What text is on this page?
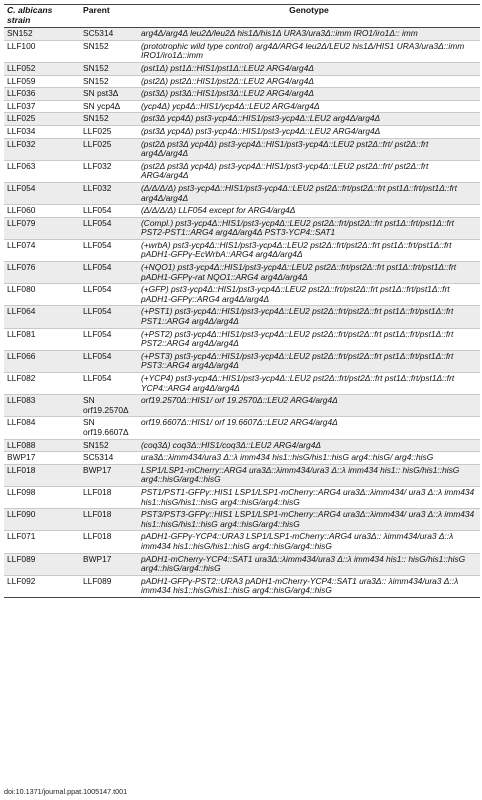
C. albicans strain	Parent	Genotype
SN152	SC5314	arg4Δ/arg4Δ leu2Δ/leu2Δ his1Δ/his1Δ URA3/ura3Δ::imm IRO1/iro1Δ:: imm
LLF100	SN152	(prototrophic wild type control) arg4Δ/ARG4 leu2Δ/LEU2 his1Δ/HIS1 URA3/ura3Δ::imm IRO1/iro1Δ::imm
LLF052	SN152	(pst1Δ) pst1Δ::HIS1/pst1Δ::LEU2 ARG4/arg4Δ
LLF059	SN152	(pst2Δ) pst2Δ::HIS1/pst2Δ::LEU2 ARG4/arg4Δ
LLF036	SN pst3Δ	(pst3Δ) pst3Δ::HIS1/pst3Δ::LEU2 ARG4/arg4Δ
LLF037	SN ycp4Δ	(ycp4Δ) ycp4Δ::HIS1/ycp4Δ::LEU2 ARG4/arg4Δ
LLF025	SN152	(pst3Δ ycp4Δ) pst3-ycp4Δ::HIS1/pst3-ycp4Δ::LEU2 arg4Δ/arg4Δ
LLF034	LLF025	(pst3Δ ycp4Δ) pst3-ycp4Δ::HIS1/pst3-ycp4Δ::LEU2 ARG4/arg4Δ
LLF032	LLF025	(pst2Δ pst3Δ ycp4Δ) pst3-ycp4Δ::HIS1/pst3-ycp4Δ::LEU2 pst2Δ::frt/ pst2Δ::frt arg4Δ/arg4Δ
LLF063	LLF032	(pst2Δ pst3Δ ycp4Δ) pst3-ycp4Δ::HIS1/pst3-ycp4Δ::LEU2 pst2Δ::frt/ pst2Δ::frt ARG4/arg4Δ
LLF054	LLF032	(Δ/Δ/Δ/Δ) pst3-ycp4Δ::HIS1/pst3-ycp4Δ::LEU2 pst2Δ::frt/pst2Δ::frt pst1Δ::frt/pst1Δ::frt arg4Δ/arg4Δ
LLF060	LLF054	(Δ/Δ/Δ/Δ) LLF054 except for ARG4/arg4Δ
LLF079	LLF054	(Compl.) pst3-ycp4Δ::HIS1/pst3-ycp4Δ::LEU2 pst2Δ::frt/pst2Δ::frt pst1Δ::frt/pst1Δ::frt PST2-PST1::ARG4 arg4Δ/arg4Δ PST3-YCP4::SAT1
LLF074	LLF054	(+wrbA) pst3-ycp4Δ::HIS1/pst3-ycp4Δ::LEU2 pst2Δ::frt/pst2Δ::frt pst1Δ::frt/pst1Δ::frt pADH1-GFPγ-EcWrbA::ARG4 arg4Δ/arg4Δ
LLF076	LLF054	(+NQO1) pst3-ycp4Δ::HIS1/pst3-ycp4Δ::LEU2 pst2Δ::frt/pst2Δ::frt pst1Δ::frt/pst1Δ::frt pADH1-GFPγ-rat NQO1::ARG4 arg4Δ/arg4Δ
LLF080	LLF054	(+GFP) pst3-ycp4Δ::HIS1/pst3-ycp4Δ::LEU2 pst2Δ::frt/pst2Δ::frt pst1Δ::frt/pst1Δ::frt pADH1-GFPγ::ARG4 arg4Δ/arg4Δ
LLF064	LLF054	(+PST1) pst3-ycp4Δ::HIS1/pst3-ycp4Δ::LEU2 pst2Δ::frt/pst2Δ::frt pst1Δ::frt/pst1Δ::frt PST1::ARG4 arg4Δ/arg4Δ
LLF081	LLF054	(+PST2) pst3-ycp4Δ::HIS1/pst3-ycp4Δ::LEU2 pst2Δ::frt/pst2Δ::frt pst1Δ::frt/pst1Δ::frt PST2::ARG4 arg4Δ/arg4Δ
LLF066	LLF054	(+PST3) pst3-ycp4Δ::HIS1/pst3-ycp4Δ::LEU2 pst2Δ::frt/pst2Δ::frt pst1Δ::frt/pst1Δ::frt PST3::ARG4 arg4Δ/arg4Δ
LLF082	LLF054	(+YCP4) pst3-ycp4Δ::HIS1/pst3-ycp4Δ::LEU2 pst2Δ::frt/pst2Δ::frt pst1Δ::frt/pst1Δ::frt YCP4::ARG4 arg4Δ/arg4Δ
LLF083	SN orf19.2570Δ	orf19.2570Δ::HIS1/ orf 19.2570Δ::LEU2 ARG4/arg4Δ
LLF084	SN orf19.6607Δ	orf19.6607Δ::HIS1/ orf 19.6607Δ::LEU2 ARG4/arg4Δ
LLF088	SN152	(coq3Δ) coq3Δ::HIS1/coq3Δ::LEU2 ARG4/arg4Δ
BWP17	SC5314	ura3Δ::λimm434/ura3 Δ::λ imm434 his1::hisG/his1::hisG arg4::hisG/ arg4::hisG
LLF018	BWP17	LSP1/LSP1-mCherry::ARG4 ura3Δ::λimm434/ura3 Δ::λ imm434 his1:: hisG/his1::hisG arg4::hisG/arg4::hisG
LLF098	LLF018	PST1/PST1-GFPγ::HIS1 LSP1/LSP1-mCherry::ARG4 ura3Δ::λimm434/ ura3 Δ::λ imm434 his1::hisG/his1::hisG arg4::hisG/arg4::hisG
LLF090	LLF018	PST3/PST3-GFPγ::HIS1 LSP1/LSP1-mCherry::ARG4 ura3Δ::λimm434/ ura3 Δ::λ imm434 his1::hisG/his1::hisG arg4::hisG/arg4::hisG
LLF071	LLF018	pADH1-GFPγ-YCP4::URA3 LSP1/LSP1-mCherry::ARG4 ura3Δ:: λimm434/ura3 Δ::λ imm434 his1::hisG/his1::hisG arg4::hisG/arg4::hisG
LLF089	BWP17	pADH1-mCherry-YCP4::SAT1 ura3Δ::λimm434/ura3 Δ::λ imm434 his1:: hisG/his1::hisG arg4::hisG/arg4::hisG
LLF092	LLF089	pADH1-GFPγ-PST2::URA3 pADH1-mCherry-YCP4::SAT1 ura3Δ:: λimm434/ura3 Δ::λ imm434 his1::hisG/his1::hisG arg4::hisG/arg4::hisG
doi:10.1371/journal.ppat.1005147.t001
